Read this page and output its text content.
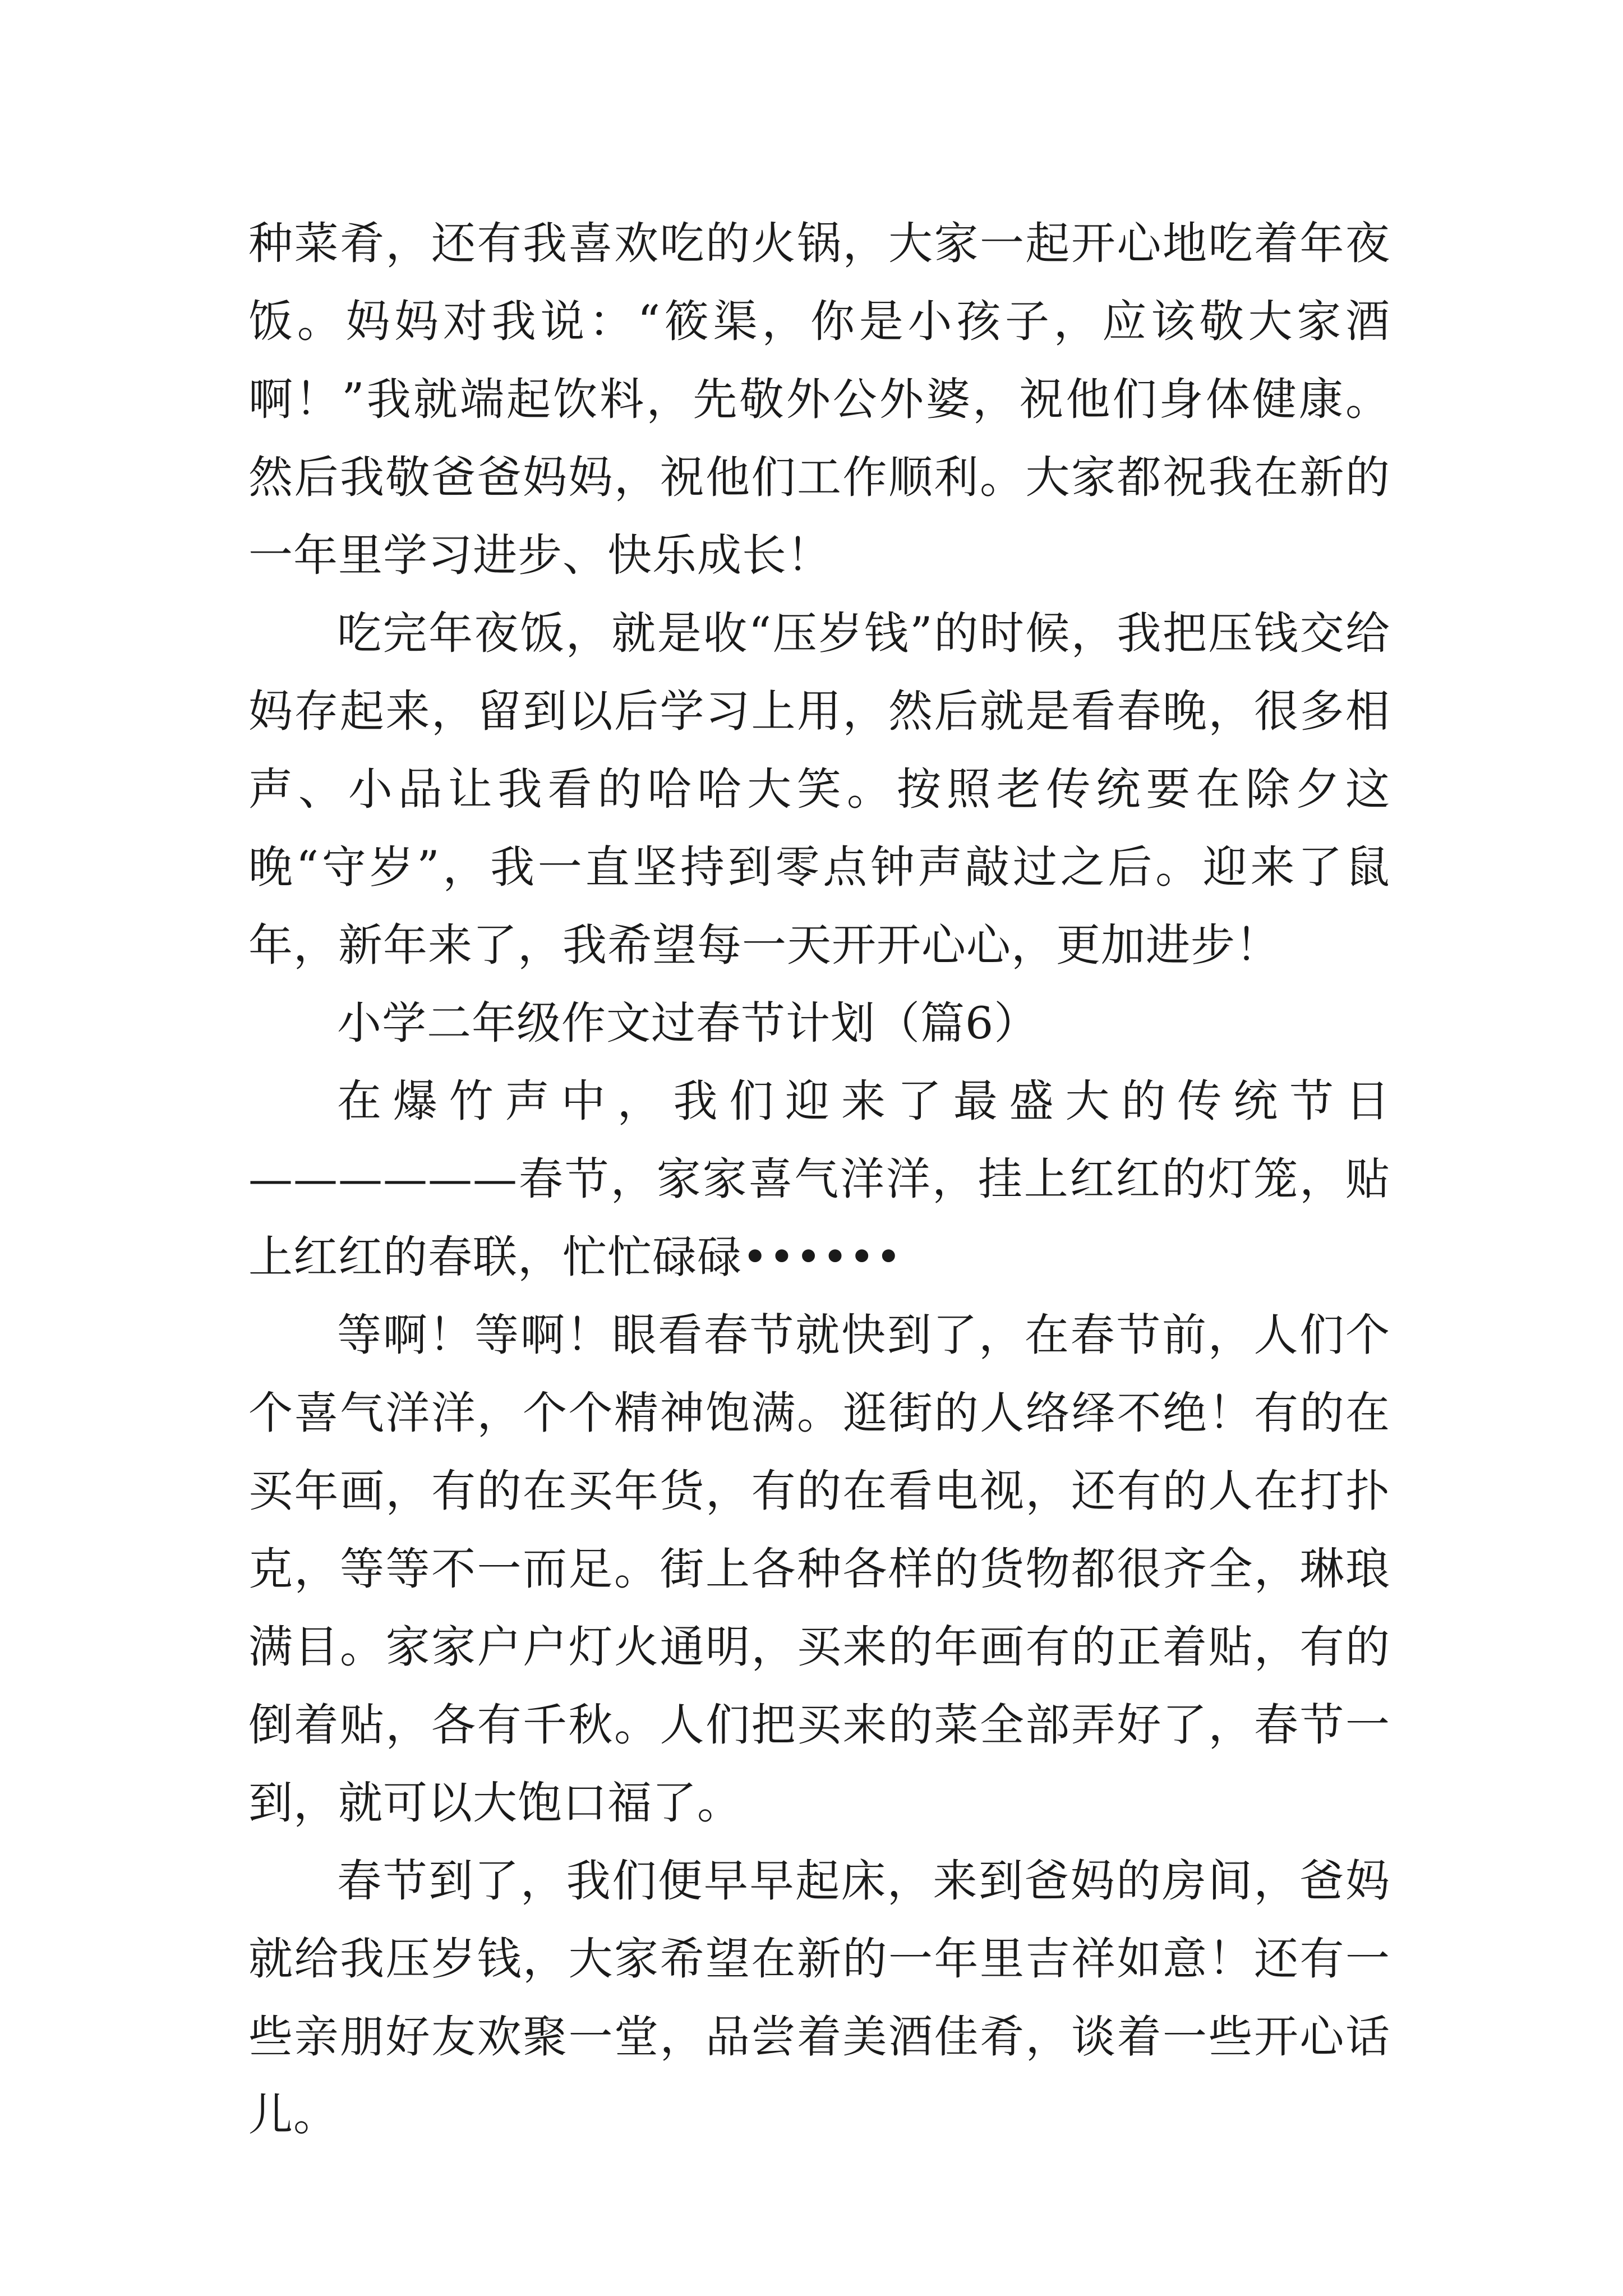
种菜肴，还有我喜欢吃的火锅，大家一起开心地吃着年夜饭。妈妈对我说：“筱渠，你是小孩子，应该敬大家酒啊！”我就端起饮料，先敬外公外婆，祝他们身体健康。然后我敬爸爸妈妈，祝他们工作顺利。大家都祝我在新的一年里学习进步、快乐成长！

吃完年夜饭，就是收“压岁钱”的时候，我把压钱交给妈存起来，留到以后学习上用，然后就是看春晚，很多相声、小品让我看的哈哈大笑。按照老传统要在除夕这晚“守岁”，我一直坚持到零点钟声敲过之后。迎来了鼠年，新年来了，我希望每一天开开心心，更加进步！

小学二年级作文过春节计划（篇6）

在爆竹声中，我们迎来了最盛大的传统节日——————春节，家家喜气洋洋，挂上红红的灯笼，贴上红红的春联，忙忙碌碌••••••

等啊！等啊！眼看春节就快到了，在春节前，人们个个喜气洋洋，个个精神饱满。逛街的人络绎不绝！有的在买年画，有的在买年货，有的在看电视，还有的人在打扑克，等等不一而足。街上各种各样的货物都很齐全，琳琅满目。家家户户灯火通明，买来的年画有的正着贴，有的倒着贴，各有千秋。人们把买来的菜全部弄好了，春节一到，就可以大饱口福了。

春节到了，我们便早早起床，来到爸妈的房间，爸妈就给我压岁钱，大家希望在新的一年里吉祥如意！还有一些亲朋好友欢聚一堂，品尝着美酒佳肴，谈着一些开心话儿。
